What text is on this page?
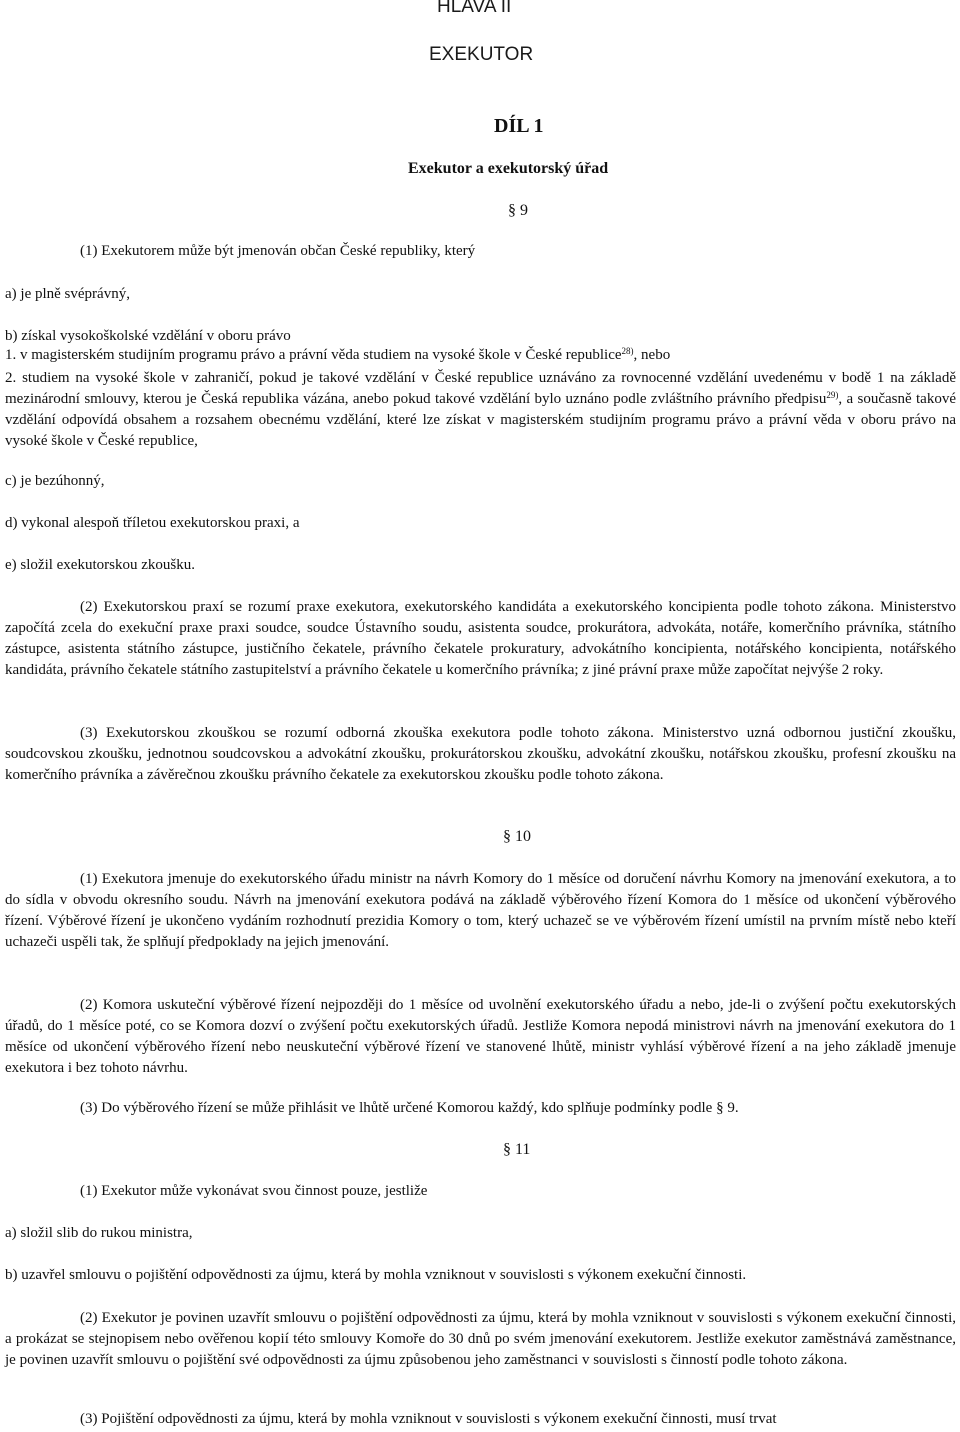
HLAVA II
EXEKUTOR
DÍL 1
Exekutor a exekutorský úřad
§ 9
(1) Exekutorem může být jmenován občan České republiky, který
a) je plně svéprávný,
b) získal vysokoškolské vzdělání v oboru právo
1. v magisterském studijním programu právo a právní věda studiem na vysoké škole v České republice$^{28)}$, nebo
2. studiem na vysoké škole v zahraničí, pokud je takové vzdělání v České republice uznáváno za rovnocenné vzdělání uvedenému v bodě 1 na základě mezinárodní smlouvy, kterou je Česká republika vázána, anebo pokud takové vzdělání bylo uznáno podle zvláštního právního předpisu$^{29)}$, a současně takové vzdělání odpovídá obsahem a rozsahem obecnému vzdělání, které lze získat v magisterském studijním programu právo a právní věda v oboru právo na vysoké škole v České republice,
c) je bezúhonný,
d) vykonal alespoň tříletou exekutorskou praxi, a
e) složil exekutorskou zkoušku.
(2) Exekutorskou praxí se rozumí praxe exekutora, exekutorského kandidáta a exekutorského koncipienta podle tohoto zákona. Ministerstvo započítá zcela do exekuční praxe praxi soudce, soudce Ústavního soudu, asistenta soudce, prokurátora, advokáta, notáře, komerčního právníka, státního zástupce, asistenta státního zástupce, justičního čekatele, právního čekatele prokuratury, advokátního koncipienta, notářského koncipienta, notářského kandidáta, právního čekatele státního zastupitelství a právního čekatele u komerčního právníka; z jiné právní praxe může započítat nejvýše 2 roky.
(3) Exekutorskou zkouškou se rozumí odborná zkouška exekutora podle tohoto zákona. Ministerstvo uzná odbornou justiční zkoušku, soudcovskou zkoušku, jednotnou soudcovskou a advokátní zkoušku, prokurátorskou zkoušku, advokátní zkoušku, notářskou zkoušku, profesní zkoušku na komerčního právníka a závěrečnou zkoušku právního čekatele za exekutorskou zkoušku podle tohoto zákona.
§ 10
(1) Exekutora jmenuje do exekutorského úřadu ministr na návrh Komory do 1 měsíce od doručení návrhu Komory na jmenování exekutora, a to do sídla v obvodu okresního soudu. Návrh na jmenování exekutora podává na základě výběrového řízení Komora do 1 měsíce od ukončení výběrového řízení. Výběrové řízení je ukončeno vydáním rozhodnutí prezidia Komory o tom, který uchazeč se ve výběrovém řízení umístil na prvním místě nebo kteří uchazeči uspěli tak, že splňují předpoklady na jejich jmenování.
(2) Komora uskuteční výběrové řízení nejpozději do 1 měsíce od uvolnění exekutorského úřadu a nebo, jde-li o zvýšení počtu exekutorských úřadů, do 1 měsíce poté, co se Komora dozví o zvýšení počtu exekutorských úřadů. Jestliže Komora nepodá ministrovi návrh na jmenování exekutora do 1 měsíce od ukončení výběrového řízení nebo neuskuteční výběrové řízení ve stanovené lhůtě, ministr vyhlásí výběrové řízení a na jeho základě jmenuje exekutora i bez tohoto návrhu.
(3) Do výběrového řízení se může přihlásit ve lhůtě určené Komorou každý, kdo splňuje podmínky podle § 9.
§ 11
(1) Exekutor může vykonávat svou činnost pouze, jestliže
a) složil slib do rukou ministra,
b) uzavřel smlouvu o pojištění odpovědnosti za újmu, která by mohla vzniknout v souvislosti s výkonem exekuční činnosti.
(2) Exekutor je povinen uzavřít smlouvu o pojištění odpovědnosti za újmu, která by mohla vzniknout v souvislosti s výkonem exekuční činnosti, a prokázat se stejnopisem nebo ověřenou kopií této smlouvy Komoře do 30 dnů po svém jmenování exekutorem. Jestliže exekutor zaměstnává zaměstnance, je povinen uzavřít smlouvu o pojištění své odpovědnosti za újmu způsobenou jeho zaměstnanci v souvislosti s činností podle tohoto zákona.
(3) Pojištění odpovědnosti za újmu, která by mohla vzniknout v souvislosti s výkonem exekuční činnosti, musí trvat
